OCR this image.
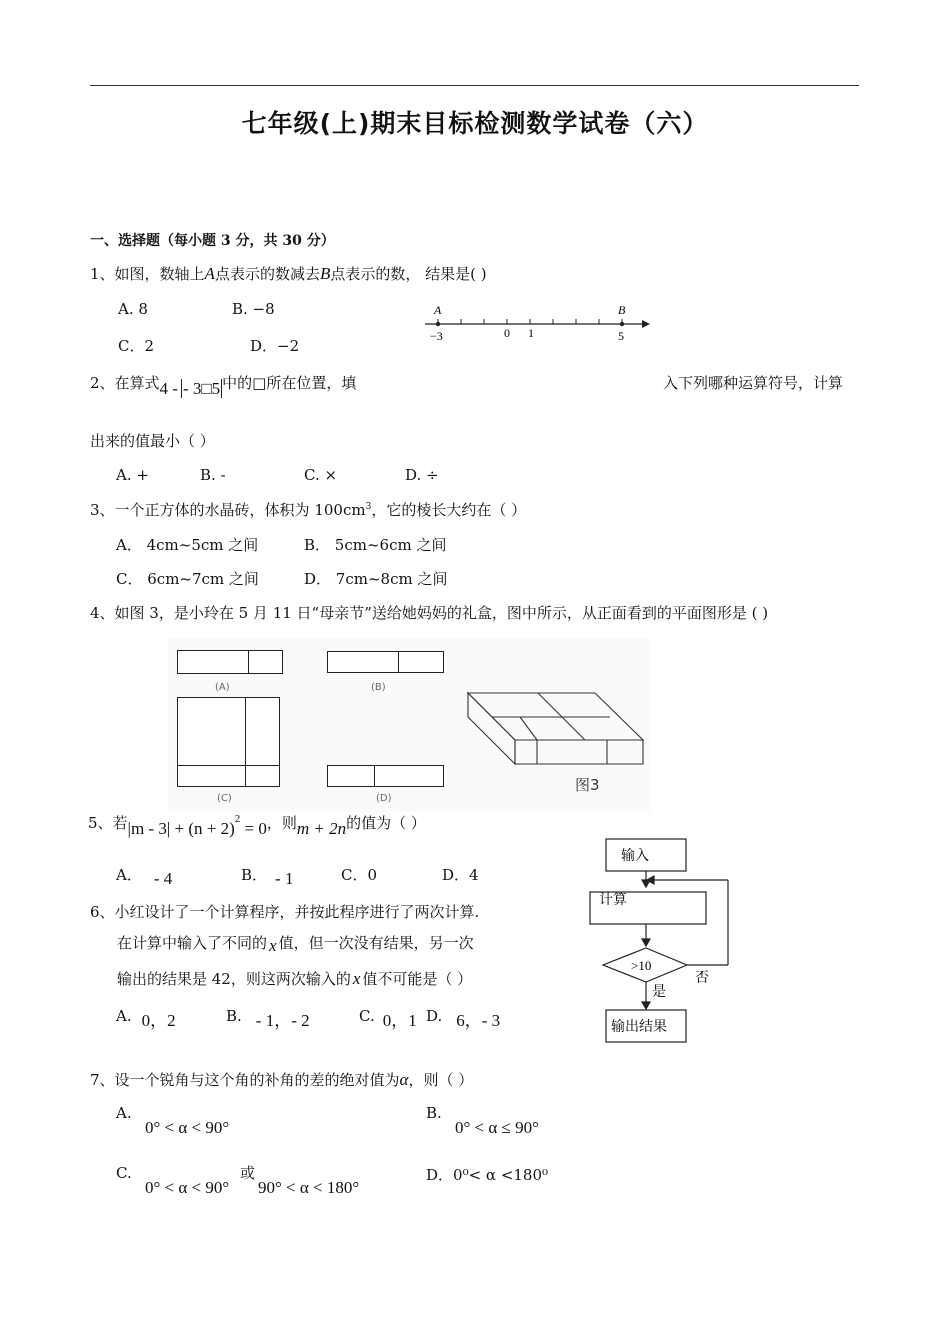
七年级(上)期末目标检测数学试卷（六）
一、选择题（每小题 3 分，共 30 分）
1、如图，数轴上A点表示的数减去B点表示的数， 结果是( )
A. 8	B. −8
C．2	D．−2
A	B
−3	0 1	5
2、在算式4 - - 3□5 中的□所在位置，填	入下列哪种运算符号，计算
出来的值最小（ ）
A. +	B. -	C. ×	D. ÷
3、一个正方体的水晶砖，体积为 $100cm^3$，它的棱长大约在（ ）
A． 4cm~5cm 之间	B． 5cm~6cm 之间
C． 6cm~7cm 之间	D． 7cm~8cm 之间
4、如图 3，是小玲在 5 月 11 日“母亲节”送给她妈妈的礼盒，图中所示，从正面看到的平面图形是 ( )
(A)	(B)
(C)	(D)
图3
5、若$|m - 3| + (n + 2)^2 = 0$，则m + 2n的值为（ ）
A． - 4	B． - 1	C．0	D．4
6、小红设计了一个计算程序，并按此程序进行了两次计算.
在计算中输入了不同的 x 值，但一次没有结果，另一次
输出的结果是 42，则这两次输入的 x 值不可能是（ ）
A. 0，2	B. - 1，- 2	C. 0，1 D. 6，- 3
输入
计算
>10
否
是
输出结果
7、设一个锐角与这个角的补角的差的绝对值为α，则（ ）
A.
0° < α < 90°
B.
0° < α ≤ 90°
C.
0° < α < 90°
或
90° < α < 180°
D．0⁰< α <180⁰
